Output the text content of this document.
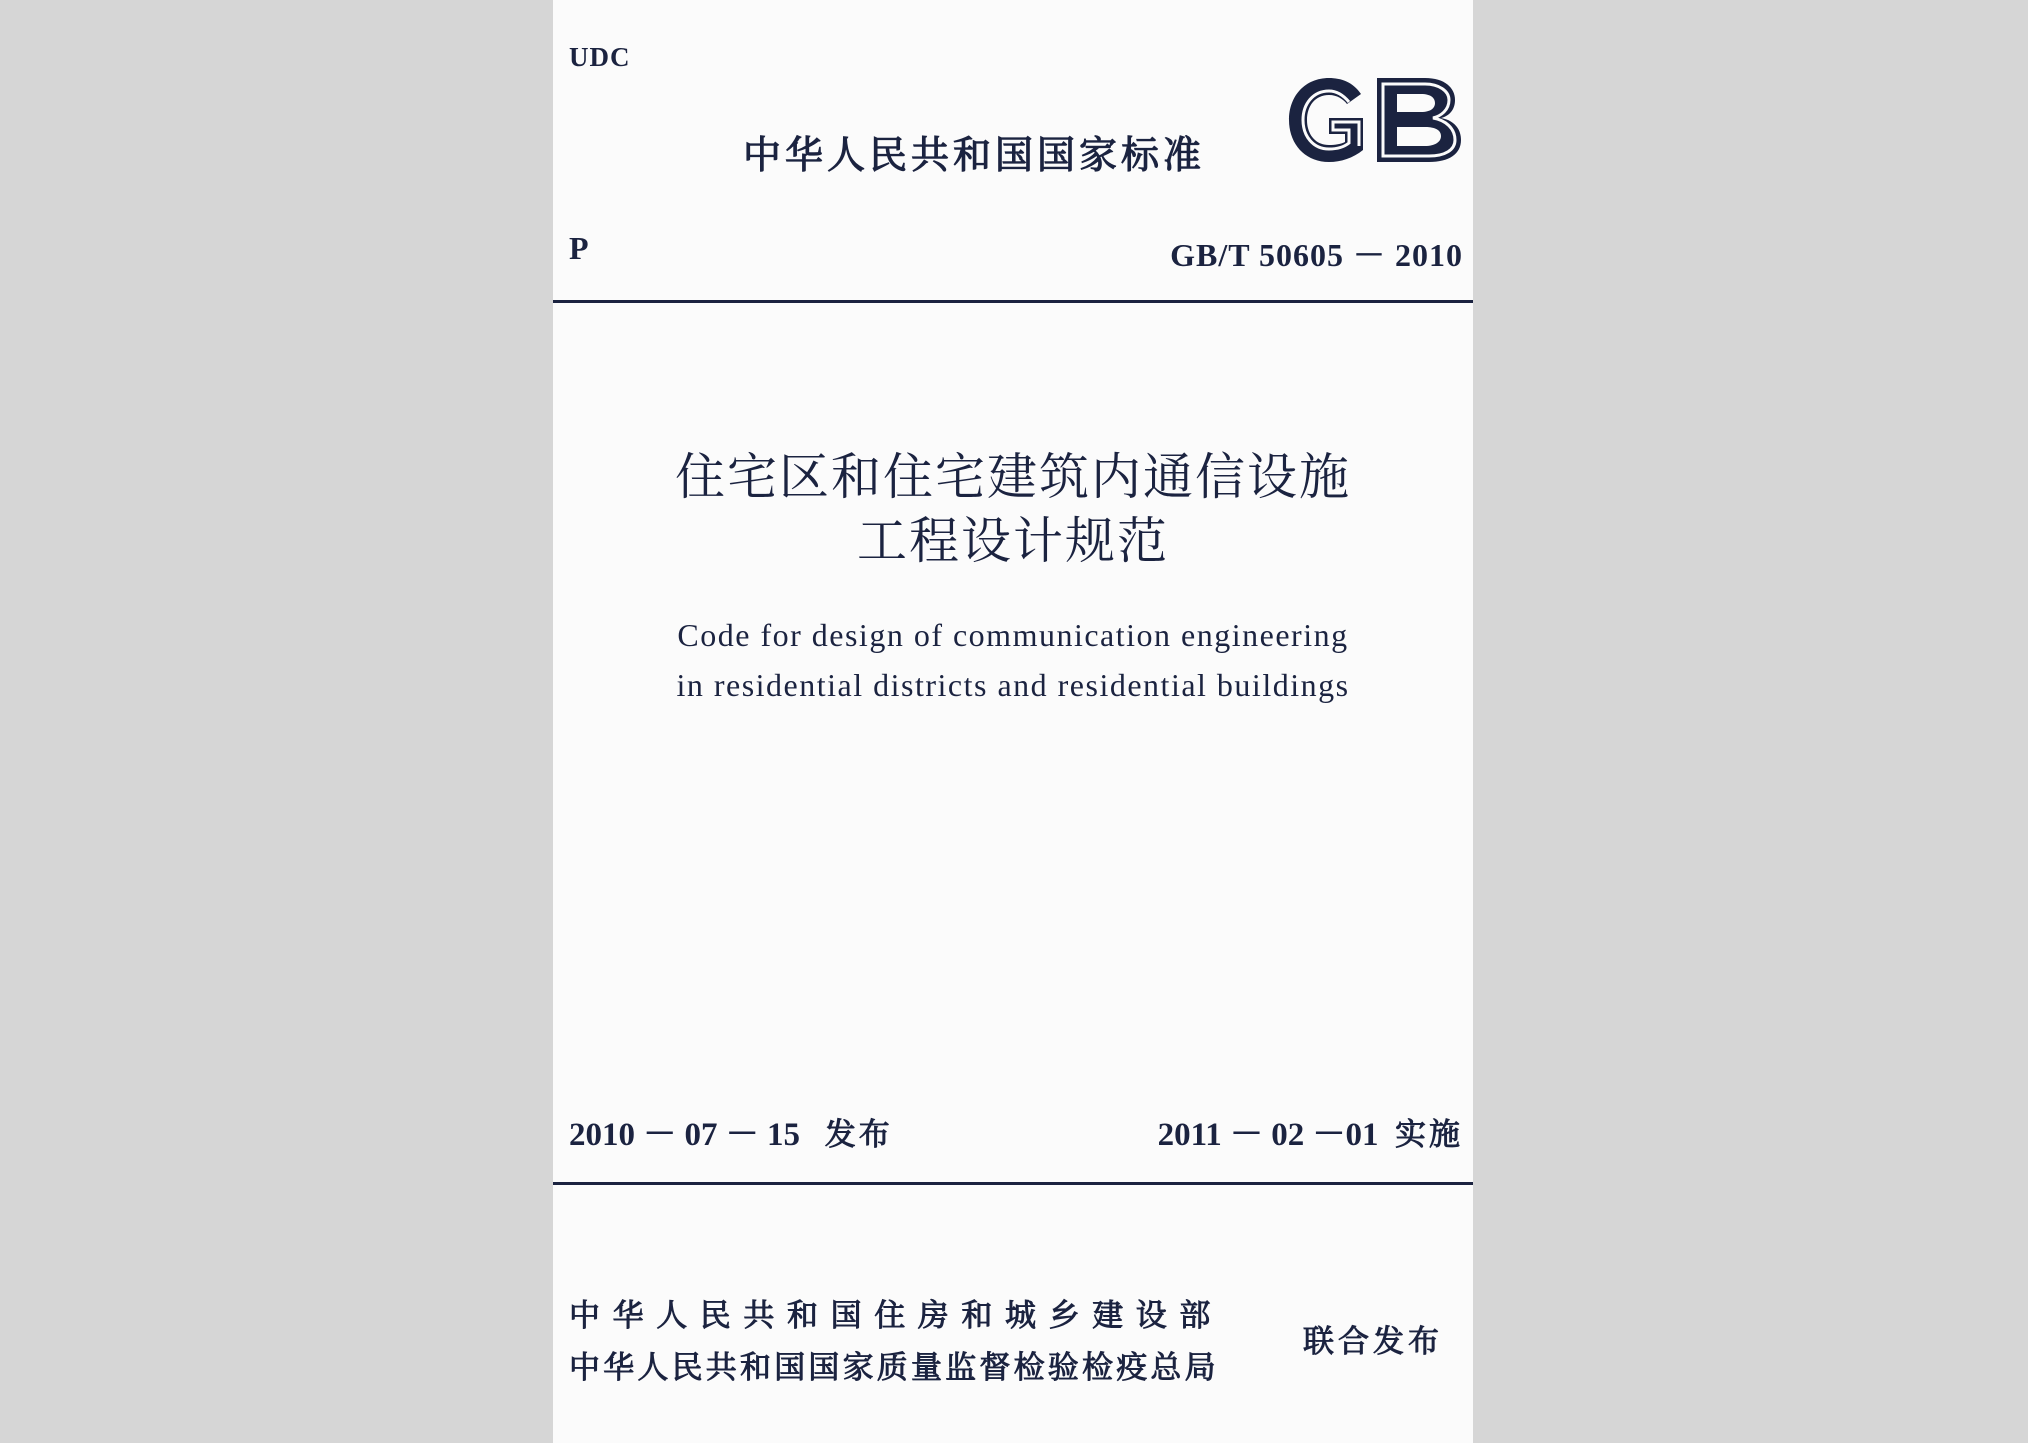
UDC
中华人民共和国国家标准
P	GB/T 50605 － 2010
住宅区和住宅建筑内通信设施
工程设计规范
Code for design of communication engineering
in residential districts and residential buildings
2010 － 07 － 15 发布	2011 － 02 －01 实施
中华人民共和国住房和城乡建设部
中华人民共和国国家质量监督检验检疫总局
联合发布
